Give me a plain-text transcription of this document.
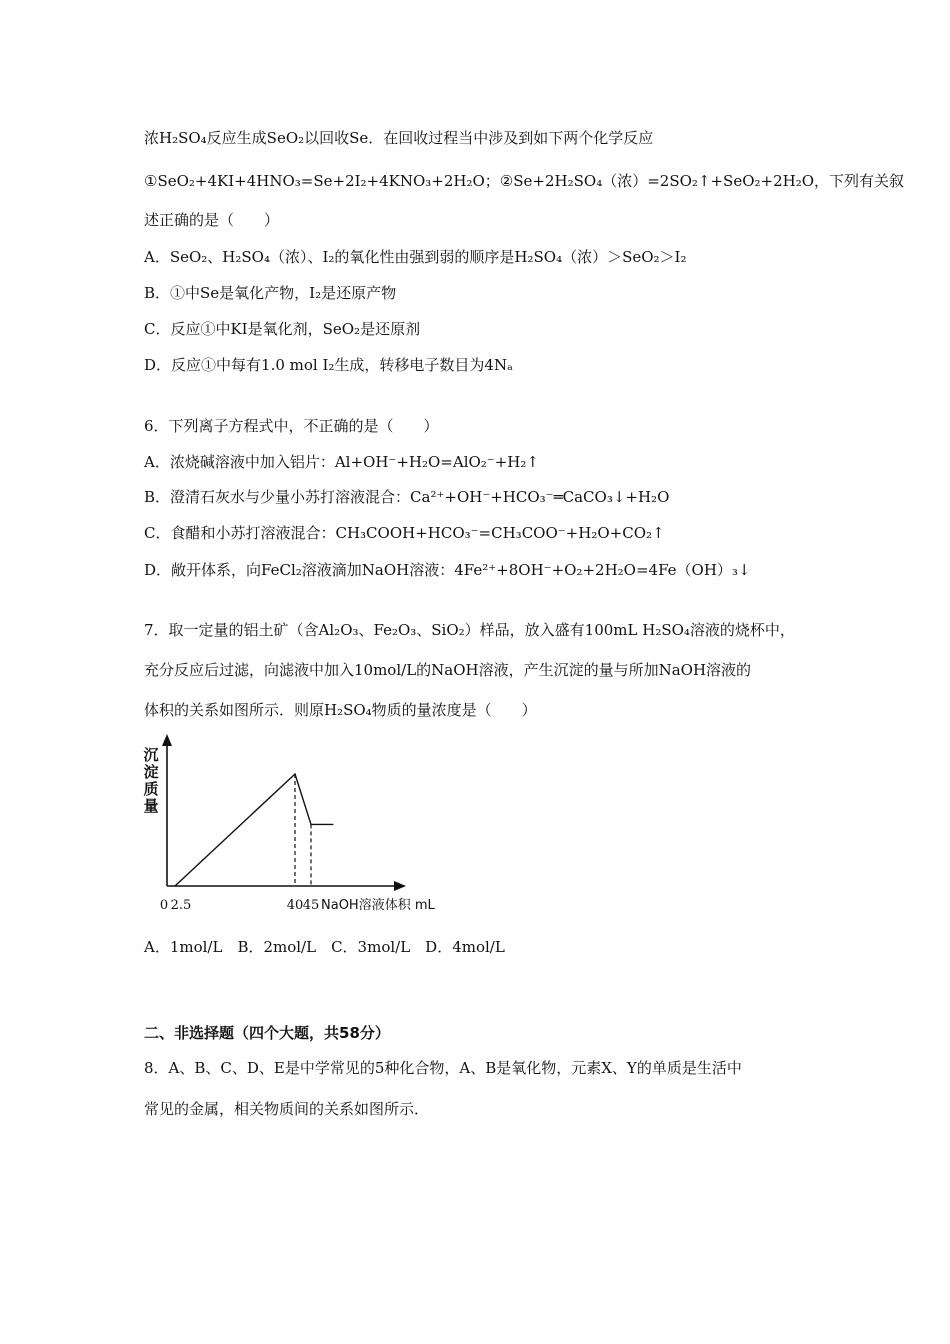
浓H₂SO₄反应生成SeO₂以回收Se．在回收过程当中涉及到如下两个化学反应
①SeO₂+4KI+4HNO₃=Se+2I₂+4KNO₃+2H₂O；②Se+2H₂SO₄（浓）=2SO₂↑+SeO₂+2H₂O，下列有关叙
述正确的是（　　）
A．SeO₂、H₂SO₄（浓）、I₂的氧化性由强到弱的顺序是H₂SO₄（浓）＞SeO₂＞I₂
B．①中Se是氧化产物，I₂是还原产物
C．反应①中KI是氧化剂，SeO₂是还原剂
D．反应①中每有1.0 mol I₂生成，转移电子数目为4Nₐ
6．下列离子方程式中，不正确的是（　　）
A．浓烧碱溶液中加入铝片：Al+OH⁻+H₂O=AlO₂⁻+H₂↑
B．澄清石灰水与少量小苏打溶液混合：Ca²⁺+OH⁻+HCO₃⁻═CaCO₃↓+H₂O
C．食醋和小苏打溶液混合：CH₃COOH+HCO₃⁻=CH₃COO⁻+H₂O+CO₂↑
D．敞开体系，向FeCl₂溶液滴加NaOH溶液：4Fe²⁺+8OH⁻+O₂+2H₂O=4Fe（OH）₃↓
7．取一定量的铝土矿（含Al₂O₃、Fe₂O₃、SiO₂）样品，放入盛有100mL H₂SO₄溶液的烧杯中，
充分反应后过滤，向滤液中加入10mol/L的NaOH溶液，产生沉淀的量与所加NaOH溶液的
体积的关系如图所示．则原H₂SO₄物质的量浓度是（　　）
0 2.5	40 45 NaOH溶液体积 mL
沉
淀
质
量
A．1mol/L　B．2mol/L　C．3mol/L　D．4mol/L
二、非选择题（四个大题，共58分）
8．A、B、C、D、E是中学常见的5种化合物，A、B是氧化物，元素X、Y的单质是生活中
常见的金属，相关物质间的关系如图所示．
